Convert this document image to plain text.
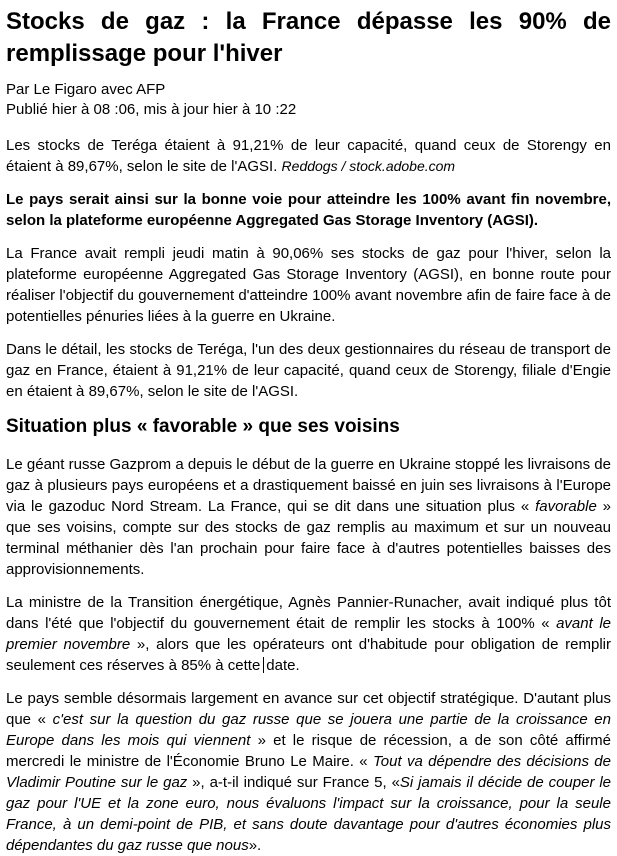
Stocks de gaz : la France dépasse les 90% de remplissage pour l'hiver
Par Le Figaro avec AFP
Publié hier à 08 :06, mis à jour hier à 10 :22

Les stocks de Teréga étaient à 91,21% de leur capacité, quand ceux de Storengy en étaient à 89,67%, selon le site de l'AGSI. Reddogs / stock.adobe.com

Le pays serait ainsi sur la bonne voie pour atteindre les 100% avant fin novembre, selon la plateforme européenne Aggregated Gas Storage Inventory (AGSI).

La France avait rempli jeudi matin à 90,06% ses stocks de gaz pour l'hiver, selon la plateforme européenne Aggregated Gas Storage Inventory (AGSI), en bonne route pour réaliser l'objectif du gouvernement d'atteindre 100% avant novembre afin de faire face à de potentielles pénuries liées à la guerre en Ukraine.

Dans le détail, les stocks de Teréga, l'un des deux gestionnaires du réseau de transport de gaz en France, étaient à 91,21% de leur capacité, quand ceux de Storengy, filiale d'Engie en étaient à 89,67%, selon le site de l'AGSI.

Situation plus « favorable » que ses voisins

Le géant russe Gazprom a depuis le début de la guerre en Ukraine stoppé les livraisons de gaz à plusieurs pays européens et a drastiquement baissé en juin ses livraisons à l'Europe via le gazoduc Nord Stream. La France, qui se dit dans une situation plus « favorable » que ses voisins, compte sur des stocks de gaz remplis au maximum et sur un nouveau terminal méthanier dès l'an prochain pour faire face à d'autres potentielles baisses des approvisionnements.

La ministre de la Transition énergétique, Agnès Pannier-Runacher, avait indiqué plus tôt dans l'été que l'objectif du gouvernement était de remplir les stocks à 100% « avant le premier novembre », alors que les opérateurs ont d'habitude pour obligation de remplir seulement ces réserves à 85% à cette date.

Le pays semble désormais largement en avance sur cet objectif stratégique. D'autant plus que « c'est sur la question du gaz russe que se jouera une partie de la croissance en Europe dans les mois qui viennent » et le risque de récession, a de son côté affirmé mercredi le ministre de l'Économie Bruno Le Maire. « Tout va dépendre des décisions de Vladimir Poutine sur le gaz », a-t-il indiqué sur France 5, «Si jamais il décide de couper le gaz pour l'UE et la zone euro, nous évaluons l'impact sur la croissance, pour la seule France, à un demi-point de PIB, et sans doute davantage pour d'autres économies plus dépendantes du gaz russe que nous».
